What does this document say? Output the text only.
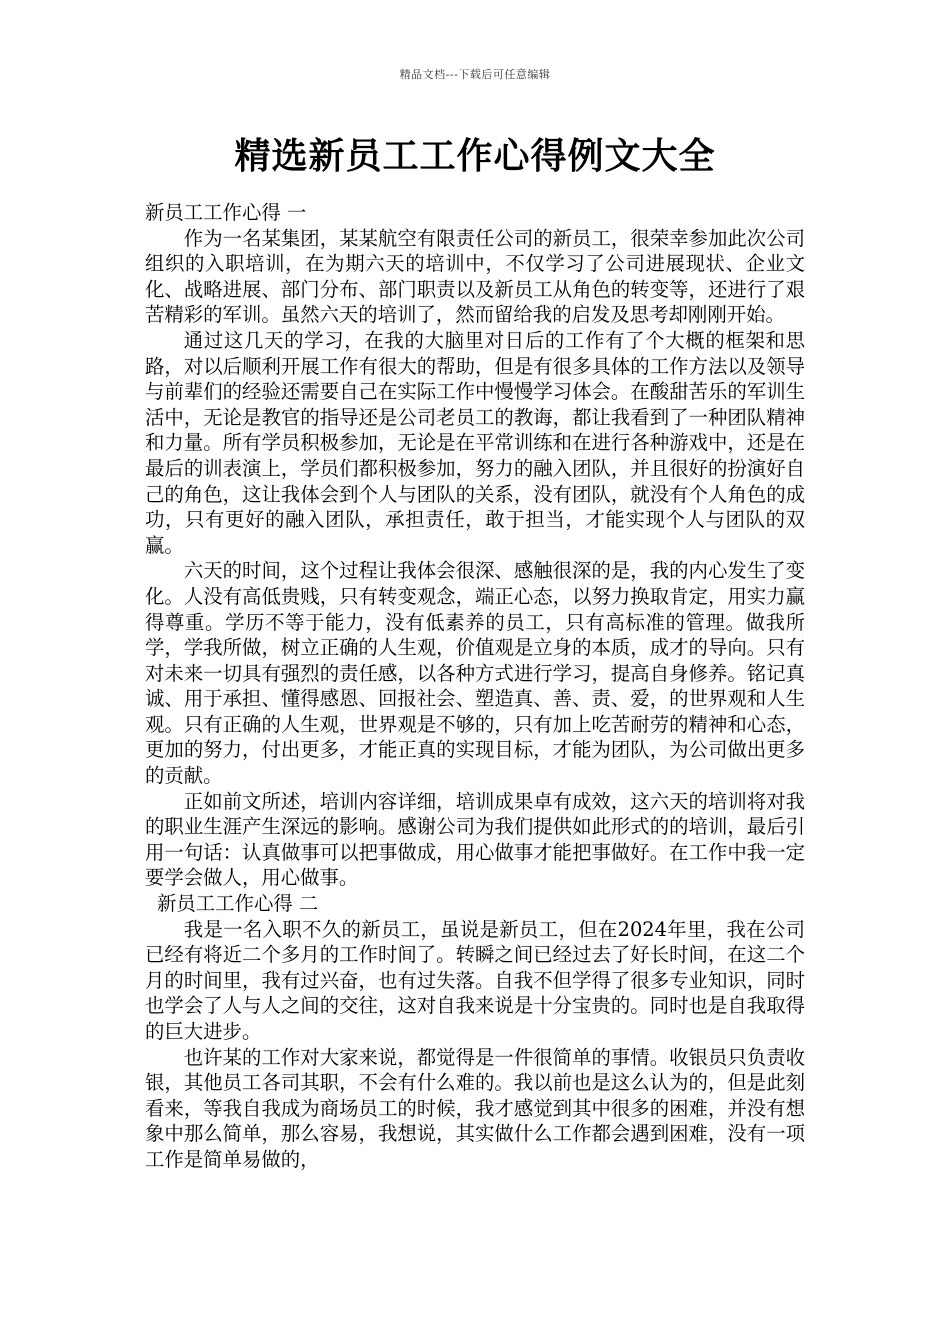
精品文档---下载后可任意编辑
精选新员工工作心得例文大全

新员工工作心得 一

作为一名某集团，某某航空有限责任公司的新员工，很荣幸参加此次公司组织的入职培训，在为期六天的培训中，不仅学习了公司进展现状、企业文化、战略进展、部门分布、部门职责以及新员工从角色的转变等，还进行了艰苦精彩的军训。虽然六天的培训了，然而留给我的启发及思考却刚刚开始。

通过这几天的学习，在我的大脑里对日后的工作有了个大概的框架和思路，对以后顺利开展工作有很大的帮助，但是有很多具体的工作方法以及领导与前辈们的经验还需要自己在实际工作中慢慢学习体会。在酸甜苦乐的军训生活中，无论是教官的指导还是公司老员工的教诲，都让我看到了一种团队精神和力量。所有学员积极参加，无论是在平常训练和在进行各种游戏中，还是在最后的训表演上，学员们都积极参加，努力的融入团队，并且很好的扮演好自己的角色，这让我体会到个人与团队的关系，没有团队，就没有个人角色的成功，只有更好的融入团队，承担责任，敢于担当，才能实现个人与团队的双赢。

六天的时间，这个过程让我体会很深、感触很深的是，我的内心发生了变化。人没有高低贵贱，只有转变观念，端正心态，以努力换取肯定，用实力赢得尊重。学历不等于能力，没有低素养的员工，只有高标准的管理。做我所学，学我所做，树立正确的人生观，价值观是立身的本质，成才的导向。只有对未来一切具有强烈的责任感，以各种方式进行学习，提高自身修养。铭记真诚、用于承担、懂得感恩、回报社会、塑造真、善、责、爱，的世界观和人生观。只有正确的人生观，世界观是不够的，只有加上吃苦耐劳的精神和心态，更加的努力，付出更多，才能正真的实现目标，才能为团队，为公司做出更多的贡献。

正如前文所述，培训内容详细，培训成果卓有成效，这六天的培训将对我的职业生涯产生深远的影响。感谢公司为我们提供如此形式的的培训，最后引用一句话：认真做事可以把事做成，用心做事才能把事做好。在工作中我一定要学会做人，用心做事。

新员工工作心得 二

我是一名入职不久的新员工，虽说是新员工，但在2024年里，我在公司已经有将近二个多月的工作时间了。转瞬之间已经过去了好长时间，在这二个月的时间里，我有过兴奋，也有过失落。自我不但学得了很多专业知识，同时也学会了人与人之间的交往，这对自我来说是十分宝贵的。同时也是自我取得的巨大进步。

也许某的工作对大家来说，都觉得是一件很简单的事情。收银员只负责收银，其他员工各司其职，不会有什么难的。我以前也是这么认为的，但是此刻看来，等我自我成为商场员工的时候，我才感觉到其中很多的困难，并没有想象中那么简单，那么容易，我想说，其实做什么工作都会遇到困难，没有一项工作是简单易做的，
